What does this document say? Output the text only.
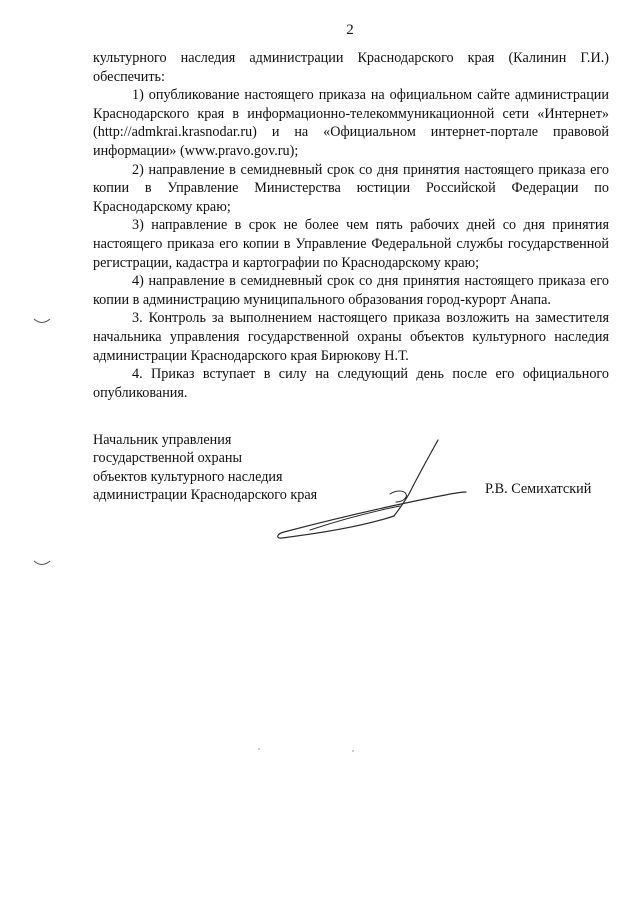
2

культурного наследия администрации Краснодарского края (Калинин Г.И.) обеспечить:

1) опубликование настоящего приказа на официальном сайте администрации Краснодарского края в информационно-телекоммуникационной сети «Интернет» (http://admkrai.krasnodar.ru) и на «Официальном интернет-портале правовой информации» (www.pravo.gov.ru);

2) направление в семидневный срок со дня принятия настоящего приказа его копии в Управление Министерства юстиции Российской Федерации по Краснодарскому краю;

3) направление в срок не более чем пять рабочих дней со дня принятия настоящего приказа его копии в Управление Федеральной службы государственной регистрации, кадастра и картографии по Краснодарскому краю;

4) направление в семидневный срок со дня принятия настоящего приказа его копии в администрацию муниципального образования город-курорт Анапа.

3. Контроль за выполнением настоящего приказа возложить на заместителя начальника управления государственной охраны объектов культурного наследия администрации Краснодарского края Бирюкову Н.Т.

4. Приказ вступает в силу на следующий день после его официального опубликования.

Начальник управления
государственной охраны
объектов культурного наследия
администрации Краснодарского края	Р.В. Семихатский
